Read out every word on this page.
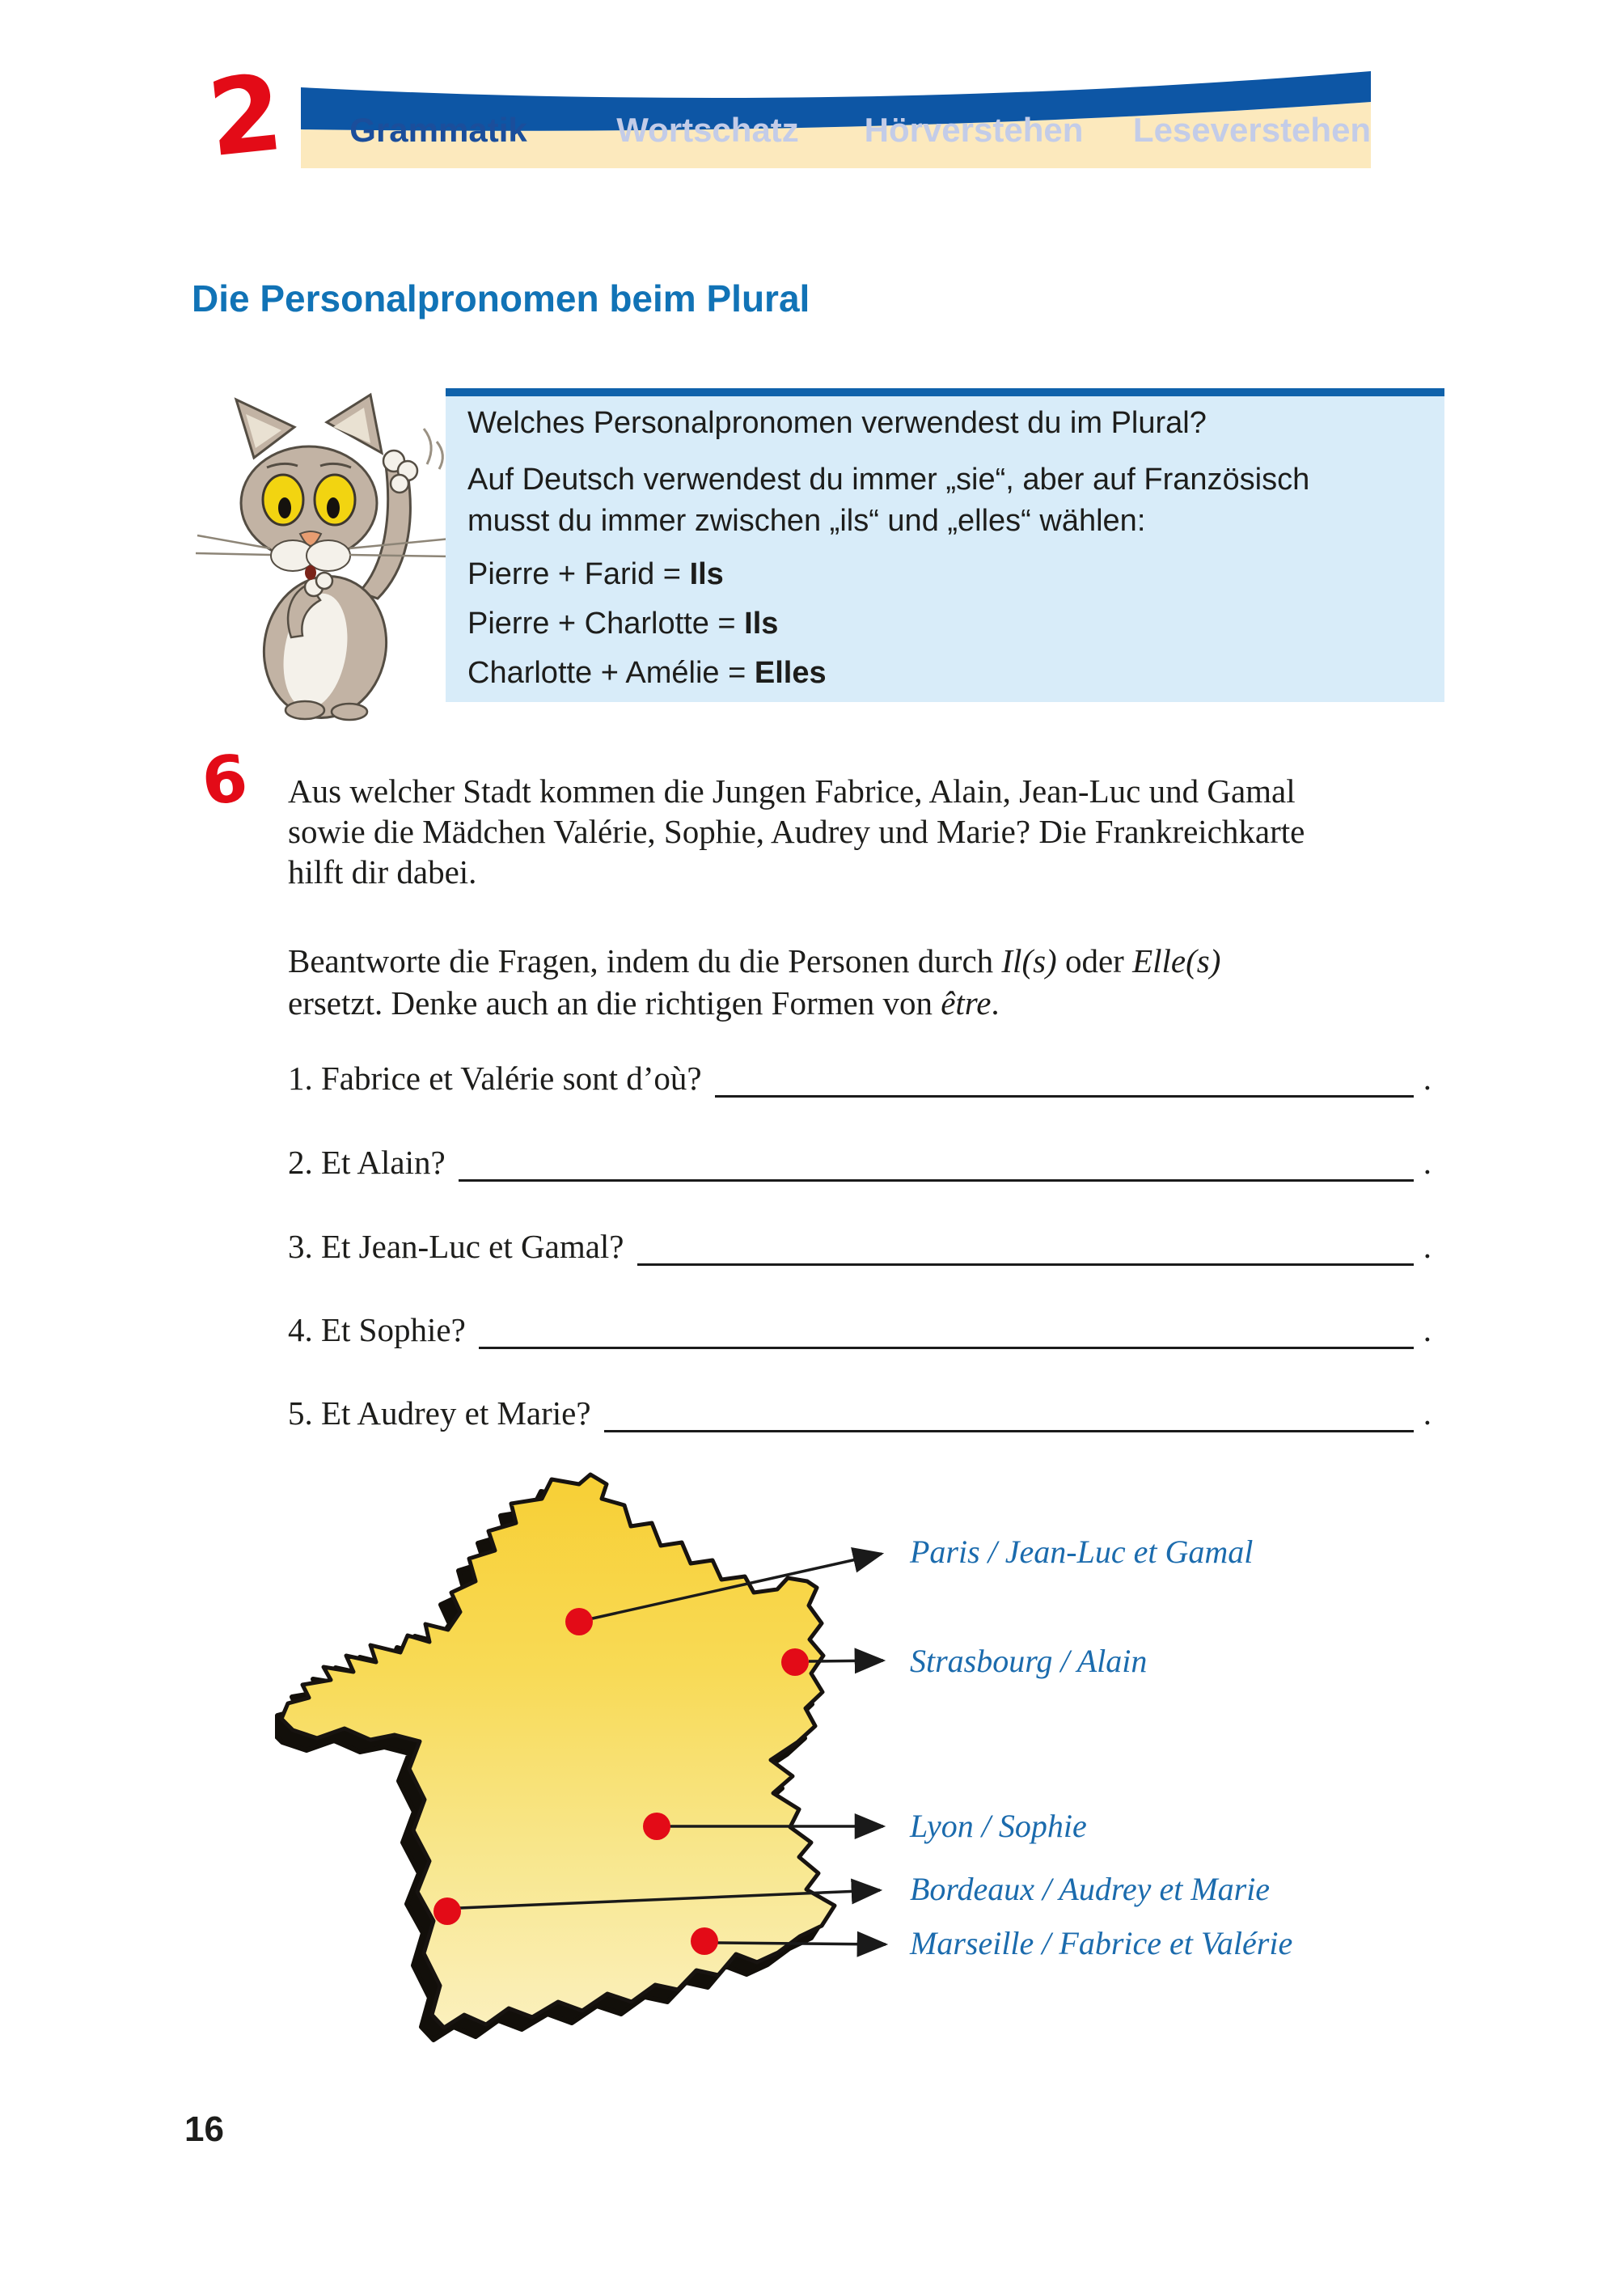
2 Grammatik	Wortschatz Hörverstehen Leseverstehen
Die Personalpronomen beim Plural
Welches Personalpronomen verwendest du im Plural?
Auf Deutsch verwendest du immer „sie“, aber auf Französisch
musst du immer zwischen „ils“ und „elles“ wählen:
Pierre + Farid = Ils
Pierre + Charlotte = Ils
Charlotte + Amélie = Elles
6 Aus welcher Stadt kommen die Jungen Fabrice, Alain, Jean-Luc und Gamal
sowie die Mädchen Valérie, Sophie, Audrey und Marie? Die Frankreichkarte
hilft dir dabei.
Beantworte die Fragen, indem du die Personen durch Il(s) oder Elle(s)
ersetzt. Denke auch an die richtigen Formen von être.
1. Fabrice et Valérie sont d’où?	.
2. Et Alain?	.
3. Et Jean-Luc et Gamal?	.
4. Et Sophie?	.
5. Et Audrey et Marie?	.
Paris / Jean-Luc et Gamal
Strasbourg / Alain
Lyon / Sophie
Bordeaux / Audrey et Marie
Marseille / Fabrice et Valérie
16
